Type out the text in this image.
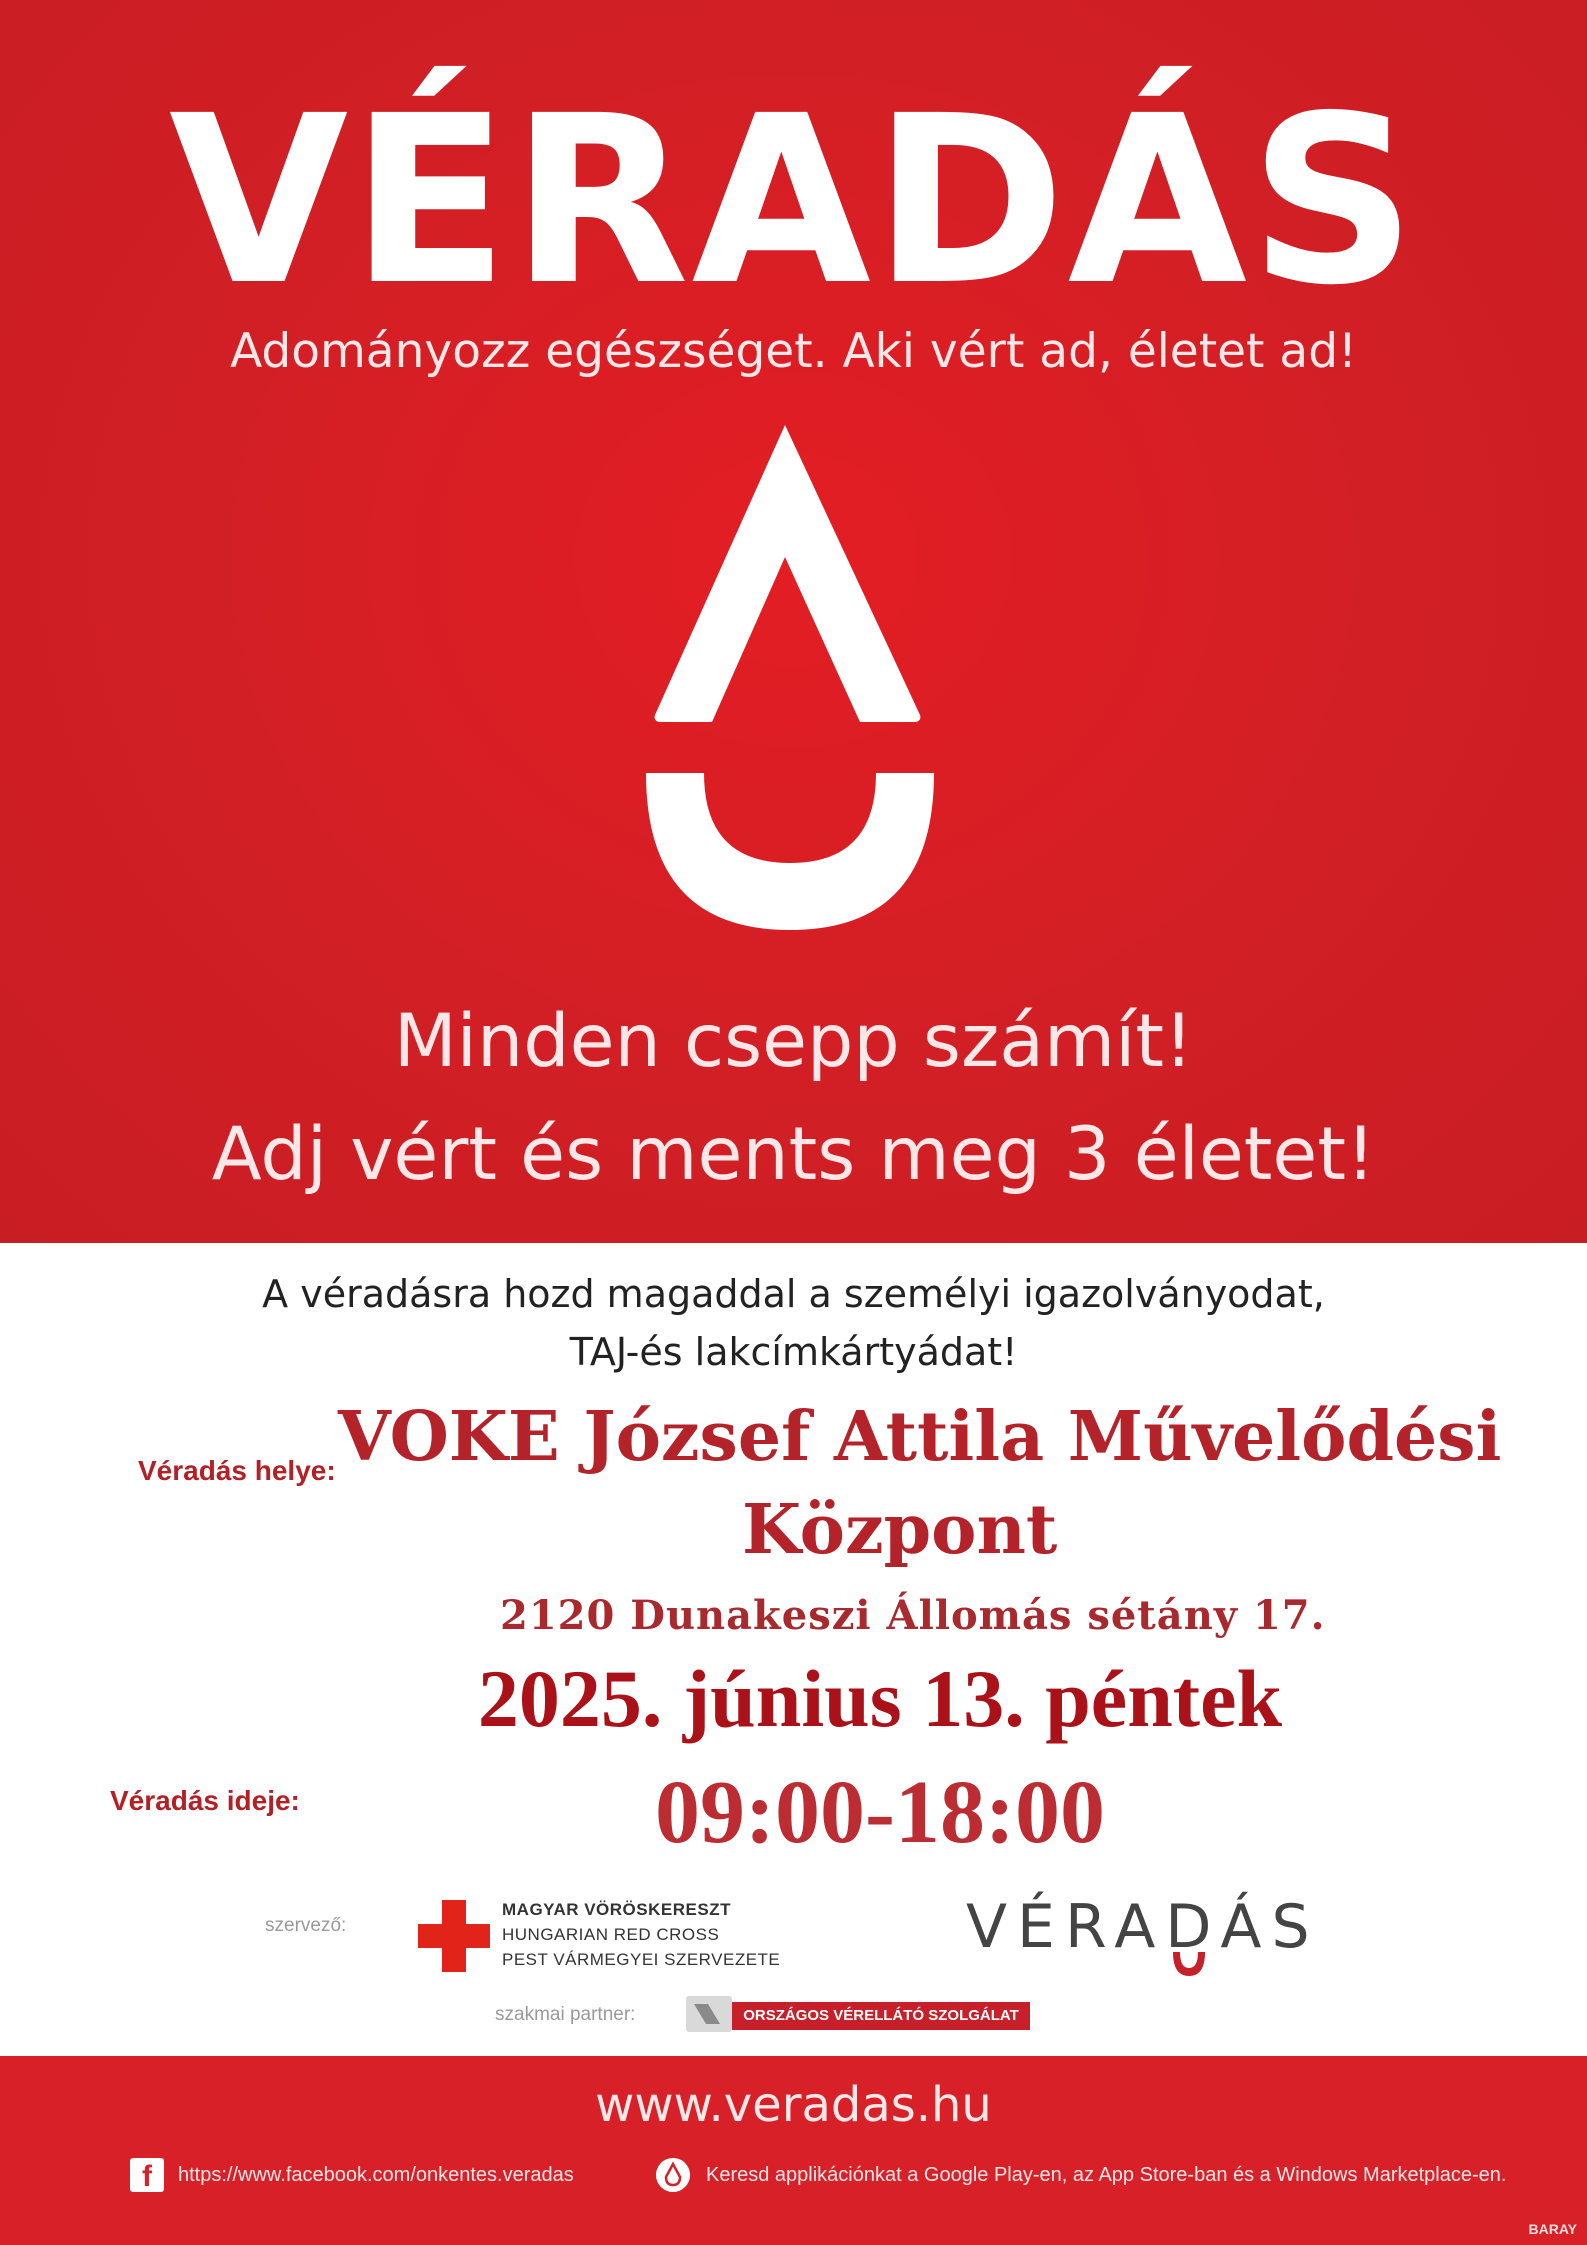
VÉRADÁS
Adományozz egészséget. Aki vért ad, életet ad!
Minden csepp számít!
Adj vért és ments meg 3 életet!
A véradásra hozd magaddal a személyi igazolványodat,
TAJ-és lakcímkártyádat!
Véradás helye: VOKE József Attila Művelődési
Központ
2120 Dunakeszi Állomás sétány 17.
2025. június 13. péntek
Véradás ideje:	09:00-18:00
szervező:
MAGYAR VÖRÖSKERESZT
HUNGARIAN RED CROSS
PEST VÁRMEGYEI SZERVEZETE	VÉRADÁS
szakmai partner:	ORSZÁGOS VÉRELLÁTÓ SZOLGÁLAT
www.veradas.hu
f	https://www.facebook.com/onkentes.veradas	Keresd applikációnkat a Google Play-en, az App Store-ban és a Windows Marketplace-en.
BARAY
